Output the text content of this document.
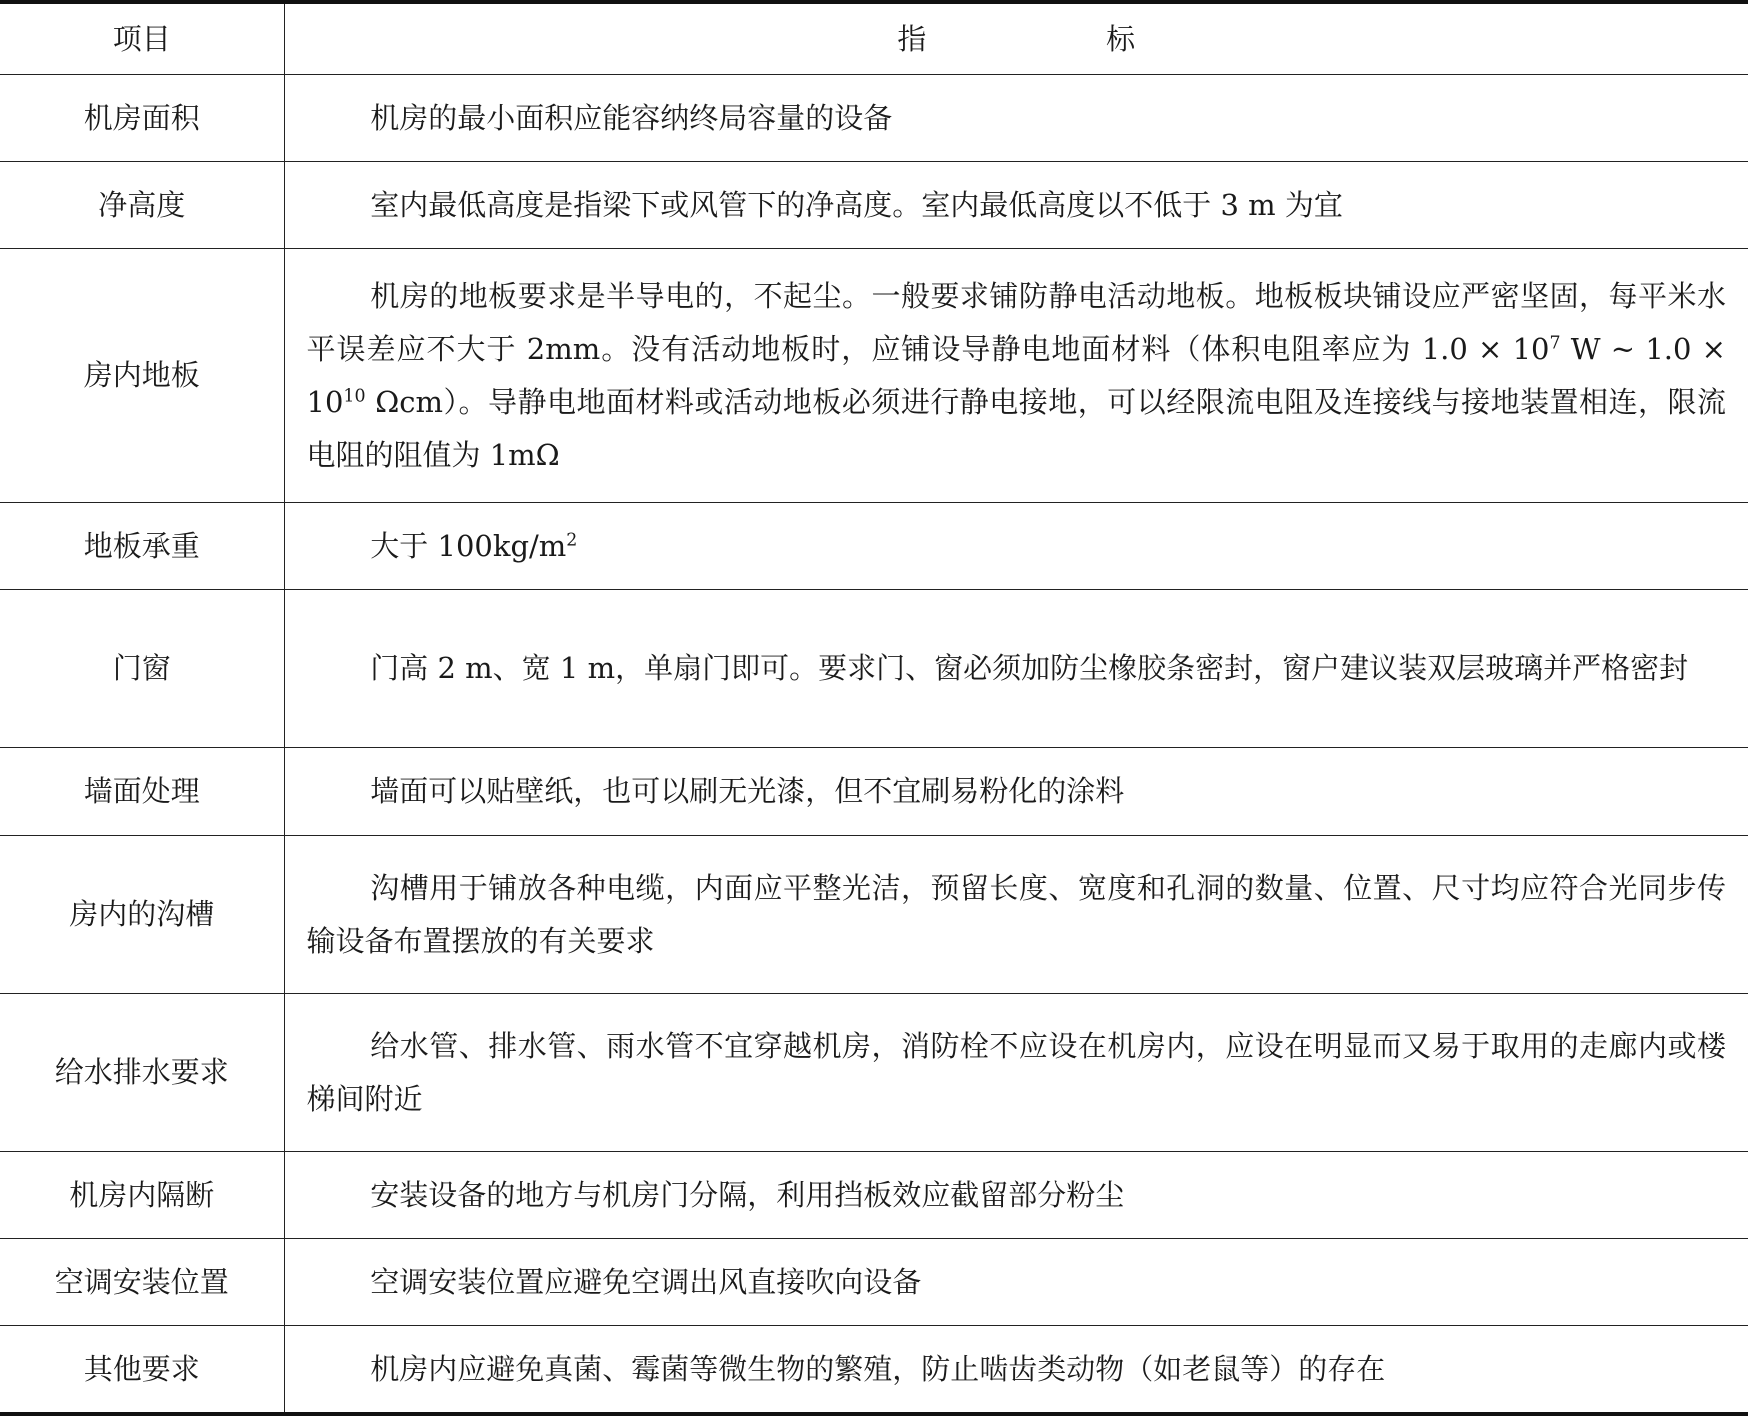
项目	指　标
机房面积	机房的最小面积应能容纳终局容量的设备
净高度	室内最低高度是指梁下或风管下的净高度。室内最低高度以不低于 3 m 为宜
房内地板	机房的地板要求是半导电的，不起尘。一般要求铺防静电活动地板。地板板块铺设应严密坚固，每平米水平误差应不大于 2mm。没有活动地板时，应铺设导静电地面材料（体积电阻率应为 $1.0 \times 10^7$ W ~ $1.0 \times 10^{10}$ Ωcm）。导静电地面材料或活动地板必须进行静电接地，可以经限流电阻及连接线与接地装置相连，限流电阻的阻值为 1mΩ
地板承重	大于 $100kg/m^2$
门窗	门高 2 m、宽 1 m，单扇门即可。要求门、窗必须加防尘橡胶条密封，窗户建议装双层玻璃并严格密封
墙面处理	墙面可以贴壁纸，也可以刷无光漆，但不宜刷易粉化的涂料
房内的沟槽	沟槽用于铺放各种电缆，内面应平整光洁，预留长度、宽度和孔洞的数量、位置、尺寸均应符合光同步传输设备布置摆放的有关要求
给水排水要求	给水管、排水管、雨水管不宜穿越机房，消防栓不应设在机房内，应设在明显而又易于取用的走廊内或楼梯间附近
机房内隔断	安装设备的地方与机房门分隔，利用挡板效应截留部分粉尘
空调安装位置	空调安装位置应避免空调出风直接吹向设备
其他要求	机房内应避免真菌、霉菌等微生物的繁殖，防止啮齿类动物（如老鼠等）的存在
